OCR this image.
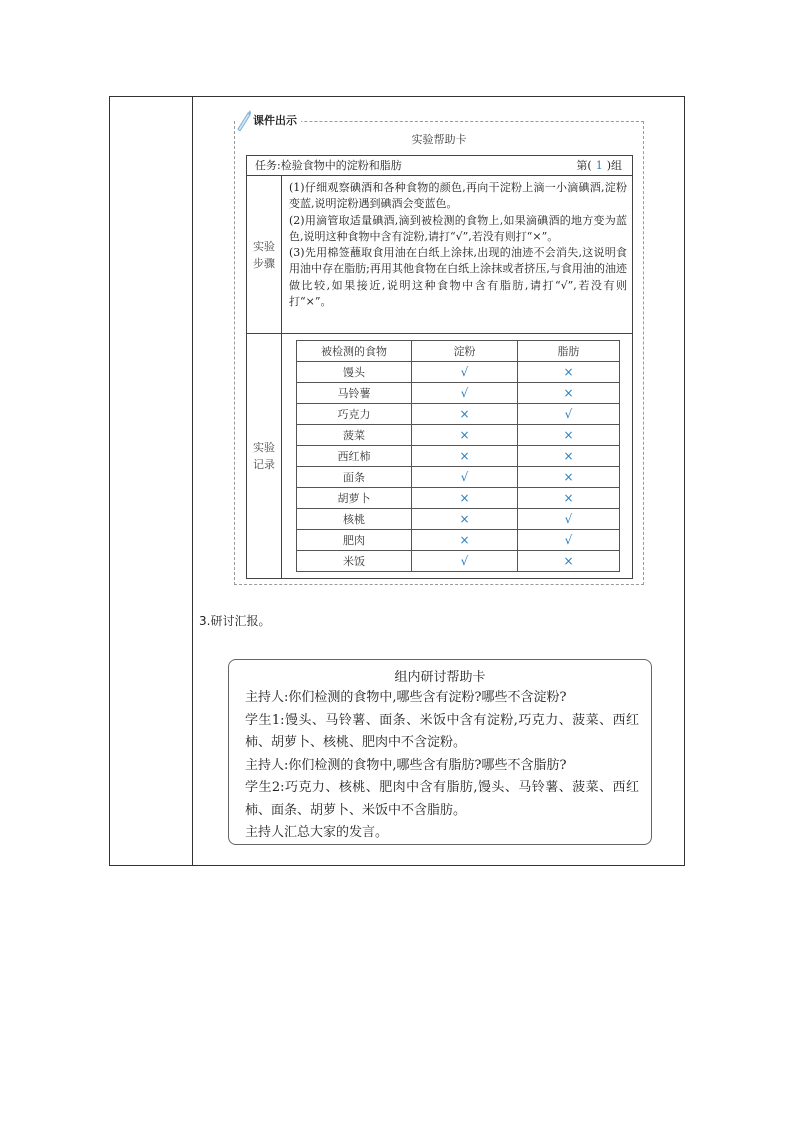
课件出示
实验帮助卡
任务:检验食物中的淀粉和脂肪	第( 1 )组
实验 步骤

(1)仔细观察碘酒和各种食物的颜色,再向干淀粉上滴一小滴碘酒,淀粉变蓝,说明淀粉遇到碘酒会变蓝色。

(2)用滴管取适量碘酒,滴到被检测的食物上,如果滴碘酒的地方变为蓝色,说明这种食物中含有淀粉,请打“√”,若没有则打“×”。

(3)先用棉签蘸取食用油在白纸上涂抹,出现的油迹不会消失,这说明食用油中存在脂肪;再用其他食物在白纸上涂抹或者挤压,与食用油的油迹做比较,如果接近,说明这种食物中含有脂肪,请打“√”,若没有则打“×”。

实验 记录
被检测的食物	淀粉	脂肪
馒头	√	×
马铃薯	√	×
巧克力	×	√
菠菜	×	×
西红柿	×	×
面条	√	×
胡萝卜	×	×
核桃	×	√
肥肉	×	√
米饭	√	×
3.研讨汇报。
组内研讨帮助卡

主持人:你们检测的食物中,哪些含有淀粉?哪些不含淀粉?

学生1:馒头、马铃薯、面条、米饭中含有淀粉,巧克力、菠菜、西红柿、胡萝卜、核桃、肥肉中不含淀粉。

主持人:你们检测的食物中,哪些含有脂肪?哪些不含脂肪?

学生2:巧克力、核桃、肥肉中含有脂肪,馒头、马铃薯、菠菜、西红柿、面条、胡萝卜、米饭中不含脂肪。

主持人汇总大家的发言。
